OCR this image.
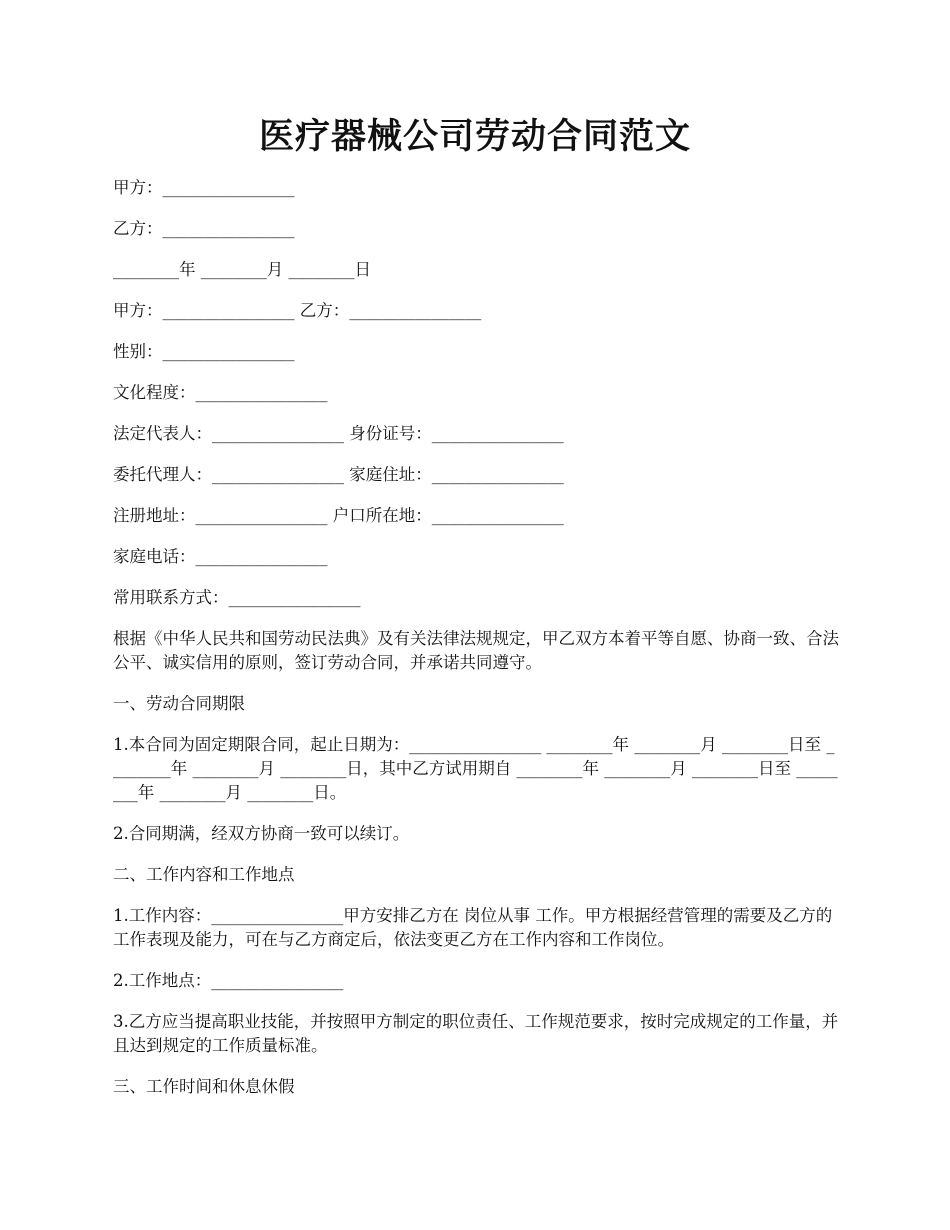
医疗器械公司劳动合同范文

甲方：________________

乙方：________________

________年 ________月 ________日

甲方：________________ 乙方：________________

性别：________________

文化程度：________________

法定代表人：________________ 身份证号：________________

委托代理人：________________ 家庭住址：________________

注册地址：________________ 户口所在地：________________

家庭电话：________________

常用联系方式：________________

根据《中华人民共和国劳动民法典》及有关法律法规规定，甲乙双方本着平等自愿、协商一致、合法公平、诚实信用的原则，签订劳动合同，并承诺共同遵守。

一、劳动合同期限

1.本合同为固定期限合同，起止日期为：________________ ________年 ________月 ________日至 ________年 ________月 ________日，其中乙方试用期自 ________年 ________月 ________日至 ________年 ________月 ________日。

2.合同期满，经双方协商一致可以续订。

二、工作内容和工作地点

1.工作内容：________________甲方安排乙方在 岗位从事 工作。甲方根据经营管理的需要及乙方的工作表现及能力，可在与乙方商定后，依法变更乙方在工作内容和工作岗位。

2.工作地点：________________

3.乙方应当提高职业技能，并按照甲方制定的职位责任、工作规范要求，按时完成规定的工作量，并且达到规定的工作质量标准。

三、工作时间和休息休假
